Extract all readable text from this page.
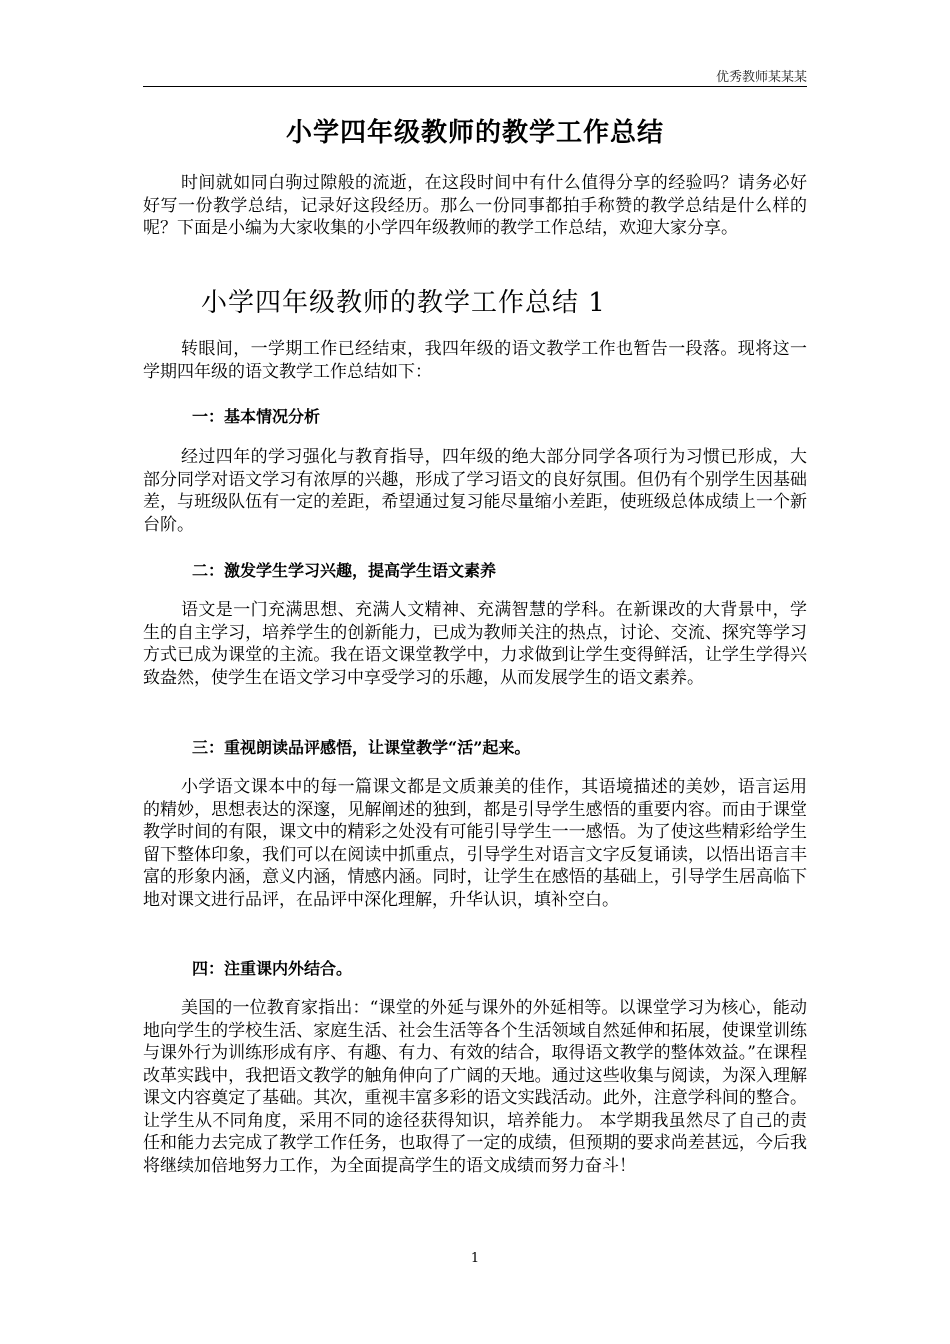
优秀教师某某某
小学四年级教师的教学工作总结

时间就如同白驹过隙般的流逝，在这段时间中有什么值得分享的经验吗？请务必好好写一份教学总结，记录好这段经历。那么一份同事都拍手称赞的教学总结是什么样的呢？下面是小编为大家收集的小学四年级教师的教学工作总结，欢迎大家分享。

小学四年级教师的教学工作总结 1

转眼间，一学期工作已经结束，我四年级的语文教学工作也暂告一段落。现将这一学期四年级的语文教学工作总结如下：

一：基本情况分析

经过四年的学习强化与教育指导，四年级的绝大部分同学各项行为习惯已形成，大部分同学对语文学习有浓厚的兴趣，形成了学习语文的良好氛围。但仍有个别学生因基础差，与班级队伍有一定的差距，希望通过复习能尽量缩小差距，使班级总体成绩上一个新台阶。

二：激发学生学习兴趣，提高学生语文素养

语文是一门充满思想、充满人文精神、充满智慧的学科。在新课改的大背景中，学生的自主学习，培养学生的创新能力，已成为教师关注的热点，讨论、交流、探究等学习方式已成为课堂的主流。我在语文课堂教学中，力求做到让学生变得鲜活，让学生学得兴致盎然，使学生在语文学习中享受学习的乐趣，从而发展学生的语文素养。

三：重视朗读品评感悟，让课堂教学“活”起来。

小学语文课本中的每一篇课文都是文质兼美的佳作，其语境描述的美妙，语言运用的精妙，思想表达的深邃，见解阐述的独到，都是引导学生感悟的重要内容。而由于课堂教学时间的有限，课文中的精彩之处没有可能引导学生一一感悟。为了使这些精彩给学生留下整体印象，我们可以在阅读中抓重点，引导学生对语言文字反复诵读，以悟出语言丰富的形象内涵，意义内涵，情感内涵。同时，让学生在感悟的基础上，引导学生居高临下地对课文进行品评，在品评中深化理解，升华认识，填补空白。

四：注重课内外结合。

美国的一位教育家指出：“课堂的外延与课外的外延相等。以课堂学习为核心，能动地向学生的学校生活、家庭生活、社会生活等各个生活领域自然延伸和拓展，使课堂训练与课外行为训练形成有序、有趣、有力、有效的结合，取得语文教学的整体效益。”在课程改革实践中，我把语文教学的触角伸向了广阔的天地。通过这些收集与阅读，为深入理解课文内容奠定了基础。其次，重视丰富多彩的语文实践活动。此外，注意学科间的整合。让学生从不同角度，采用不同的途径获得知识，培养能力。 本学期我虽然尽了自己的责任和能力去完成了教学工作任务，也取得了一定的成绩，但预期的要求尚差甚远，今后我将继续加倍地努力工作，为全面提高学生的语文成绩而努力奋斗！

1
